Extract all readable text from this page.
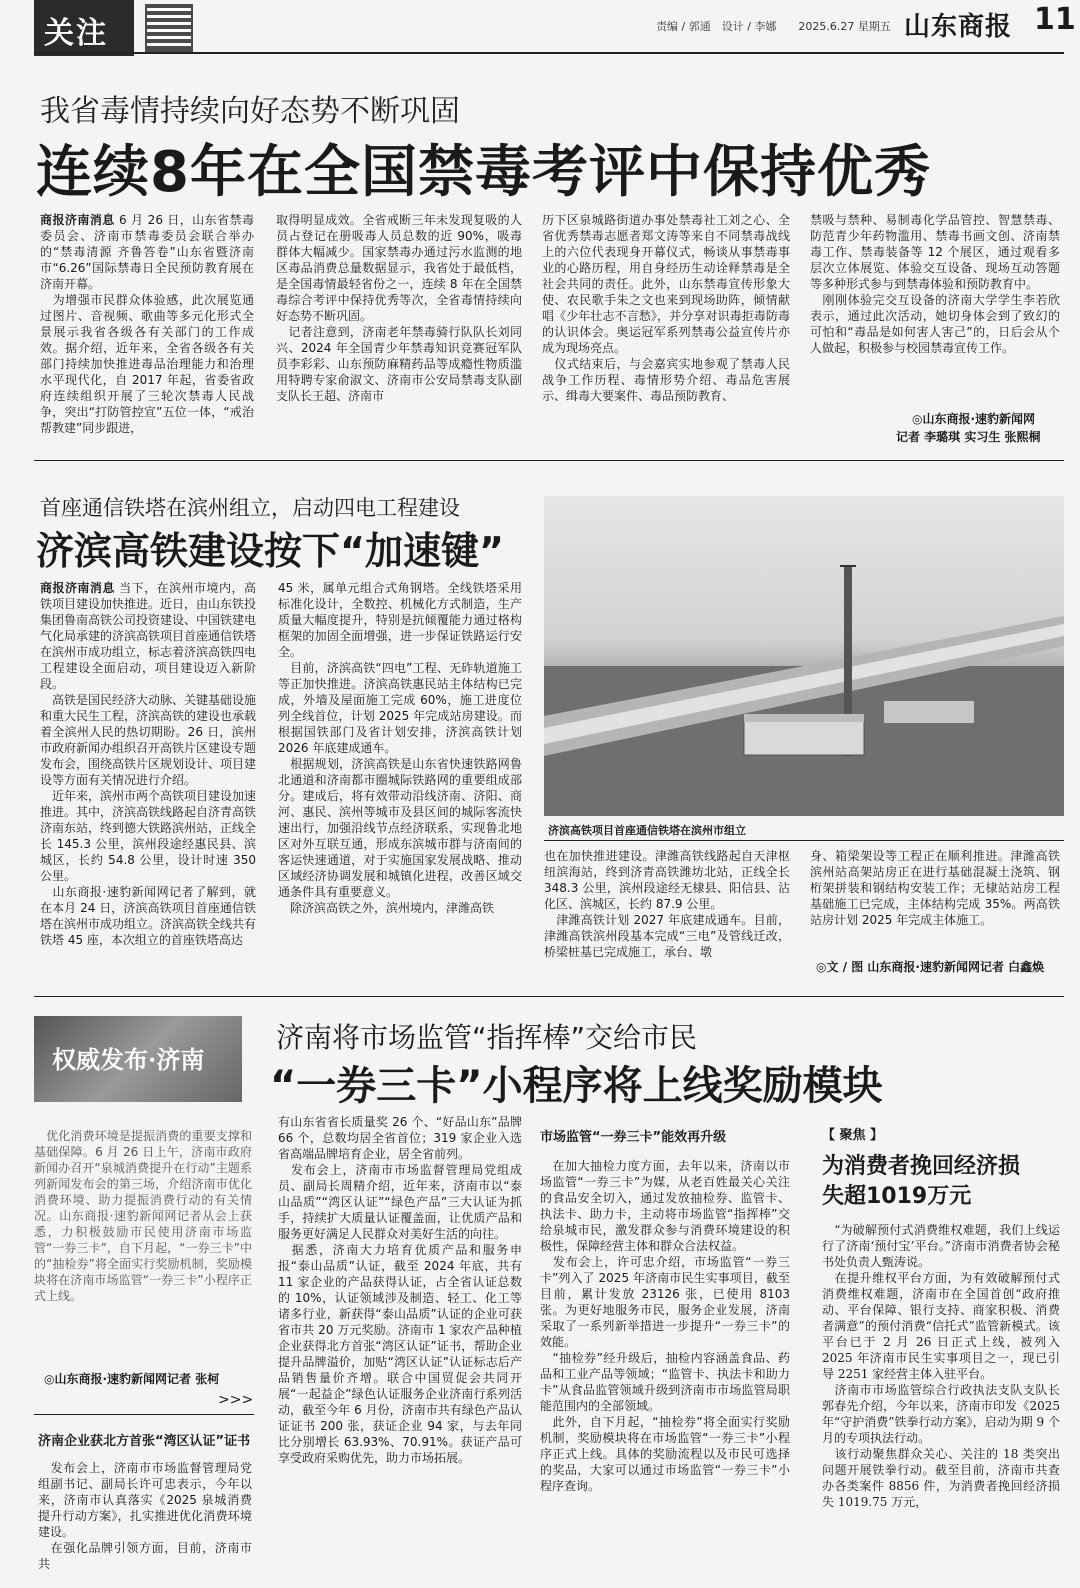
关注	责编 / 郭通　设计 / 李娜　　2025.6.27 星期五 山东商报 11
我省毒情持续向好态势不断巩固
连续8年在全国禁毒考评中保持优秀

商报济南消息 6 月 26 日，山东省禁毒委员会、济南市禁毒委员会联合举办的“禁毒清源 齐鲁答卷”山东省暨济南市“6.26”国际禁毒日全民预防教育展在济南开幕。
　为增强市民群众体验感，此次展览通过图片、音视频、歌曲等多元化形式全景展示我省各级各有关部门的工作成效。据介绍，近年来，全省各级各有关部门持续加快推进毒品治理能力和治理水平现代化，自 2017 年起，省委省政府连续组织开展了三轮次禁毒人民战争，突出“打防管控宣”五位一体，“戒治帮教建”同步跟进，

取得明显成效。全省戒断三年未发现复吸的人员占登记在册吸毒人员总数的近 90%，吸毒群体大幅减少。国家禁毒办通过污水监测的地区毒品消费总量数据显示，我省处于最低档，是全国毒情最轻省份之一，连续 8 年在全国禁毒综合考评中保持优秀等次，全省毒情持续向好态势不断巩固。
　记者注意到，济南老年禁毒骑行队队长刘同兴、2024 年全国青少年禁毒知识竞赛冠军队员李彩彩、山东预防麻精药品等成瘾性物质滥用特聘专家俞淑文、济南市公安局禁毒支队副支队长王超、济南市

历下区泉城路街道办事处禁毒社工刘之心、全省优秀禁毒志愿者郑文涛等来自不同禁毒战线上的六位代表现身开幕仪式，畅谈从事禁毒事业的心路历程，用自身经历生动诠释禁毒是全社会共同的责任。此外，山东禁毒宣传形象大使、农民歌手朱之文也来到现场助阵，倾情献唱《少年壮志不言愁》，并分享对识毒拒毒防毒的认识体会。奥运冠军系列禁毒公益宣传片亦成为现场亮点。
　仪式结束后，与会嘉宾实地参观了禁毒人民战争工作历程、毒情形势介绍、毒品危害展示、缉毒大要案件、毒品预防教育、

禁吸与禁种、易制毒化学品管控、智慧禁毒、防范青少年药物滥用、禁毒书画文创、济南禁毒工作、禁毒装备等 12 个展区，通过观看多层次立体展览、体验交互设备、现场互动答题等多种形式参与到禁毒体验和预防教育中。
　刚刚体验完交互设备的济南大学学生李若欣表示，通过此次活动，她切身体会到了致幻的可怕和“毒品是如何害人害己”的，日后会从个人做起，积极参与校园禁毒宣传工作。

◎山东商报·速豹新闻网
记者 李璐琪 实习生 张熙桐
首座通信铁塔在滨州组立，启动四电工程建设
济滨高铁建设按下“加速键”

商报济南消息 当下，在滨州市境内，高铁项目建设加快推进。近日，由山东铁投集团鲁南高铁公司投资建设、中国铁建电气化局承建的济滨高铁项目首座通信铁塔在滨州市成功组立，标志着济滨高铁四电工程建设全面启动，项目建设迈入新阶段。
　高铁是国民经济大动脉、关键基础设施和重大民生工程，济滨高铁的建设也承载着全滨州人民的热切期盼。26 日，滨州市政府新闻办组织召开高铁片区建设专题发布会，围绕高铁片区规划设计、项目建设等方面有关情况进行介绍。
　近年来，滨州市两个高铁项目建设加速推进。其中，济滨高铁线路起自济青高铁济南东站，终到德大铁路滨州站，正线全长 145.3 公里，滨州段途经惠民县、滨城区，长约 54.8 公里，设计时速 350 公里。
　山东商报·速豹新闻网记者了解到，就在本月 24 日，济滨高铁项目首座通信铁塔在滨州市成功组立。济滨高铁全线共有铁塔 45 座，本次组立的首座铁塔高达

45 米，属单元组合式角钢塔。全线铁塔采用标准化设计，全数控、机械化方式制造，生产质量大幅度提升，特别是抗倾覆能力通过格构框架的加固全面增强，进一步保证铁路运行安全。
　目前，济滨高铁“四电”工程、无砟轨道施工等正加快推进。济滨高铁惠民站主体结构已完成，外墙及屋面施工完成 60%，施工进度位列全线首位，计划 2025 年完成站房建设。而根据国铁部门及省计划安排，济滨高铁计划 2026 年底建成通车。
　根据规划，济滨高铁是山东省快速铁路网鲁北通道和济南都市圈城际铁路网的重要组成部分。建成后，将有效带动沿线济南、济阳、商河、惠民、滨州等城市及县区间的城际客流快速出行，加强沿线节点经济联系，实现鲁北地区对外互联互通，形成东滨城市群与济南间的客运快速通道，对于实施国家发展战略、推动区域经济协调发展和城镇化进程，改善区域交通条件具有重要意义。
　除济滨高铁之外，滨州境内，津潍高铁

济滨高铁项目首座通信铁塔在滨州市组立

也在加快推进建设。津潍高铁线路起自天津枢纽滨海站，终到济青高铁潍坊北站，正线全长 348.3 公里，滨州段途经无棣县、阳信县、沾化区、滨城区，长约 87.9 公里。
　津潍高铁计划 2027 年底建成通车。目前，津潍高铁滨州段基本完成“三电”及管线迁改，桥梁桩基已完成施工，承台、墩

身、箱梁架设等工程正在顺利推进。津潍高铁滨州站高架站房正在进行基础混凝土浇筑、钢桁架拼装和钢结构安装工作；无棣站站房工程基础施工已完成，主体结构完成 35%。两高铁站房计划 2025 年完成主体施工。

◎文 / 图 山东商报·速豹新闻网记者 白鑫焕
权威发布·济南
济南将市场监管“指挥棒”交给市民
“一券三卡”小程序将上线奖励模块

　优化消费环境是提振消费的重要支撑和基础保障。6 月 26 日上午，济南市政府新闻办召开“泉城消费提升在行动”主题系列新闻发布会的第三场，介绍济南市优化消费环境、助力提振消费行动的有关情况。山东商报·速豹新闻网记者从会上获悉，力积极鼓励市民使用济南市场监管“一券三卡”，自下月起，“一券三卡”中的“抽检券”将全面实行奖励机制，奖励模块将在济南市场监管“一券三卡”小程序正式上线。

◎山东商报·速豹新闻网记者 张柯
>>>
济南企业获北方首张“湾区认证”证书

　发布会上，济南市市场监督管理局党组副书记、副局长许可忠表示，今年以来，济南市认真落实《2025 泉城消费提升行动方案》，扎实推进优化消费环境建设。
　在强化品牌引领方面，目前，济南市共

有山东省省长质量奖 26 个、“好品山东”品牌 66 个，总数均居全省首位；319 家企业入选省高端品牌培育企业，居全省前列。
　发布会上，济南市市场监督管理局党组成员、副局长周精介绍，近年来，济南市以“泰山品质”“湾区认证”“绿色产品”三大认证为抓手，持续扩大质量认证覆盖面，让优质产品和服务更好满足人民群众对美好生活的向往。
　据悉，济南大力培育优质产品和服务申报“泰山品质”认证，截至 2024 年底，共有 11 家企业的产品获得认证，占全省认证总数的 10%，认证领域涉及制造、轻工、化工等诸多行业，新获得“泰山品质”认证的企业可获省市共 20 万元奖励。济南市 1 家农产品种植企业获得北方首张“湾区认证”证书，帮助企业提升品牌溢价，加贴“湾区认证”认证标志后产品销售量价齐增。联合中国贸促会共同开展“一起益企”绿色认证服务企业济南行系列活动，截至今年 6 月份，济南市共有绿色产品认证证书 200 张，获证企业 94 家，与去年同比分别增长 63.93%、70.91%。获证产品可享受政府采购优先，助力市场拓展。

市场监管“一券三卡”能效再升级

　在加大抽检力度方面，去年以来，济南以市场监管“一券三卡”为媒，从老百姓最关心关注的食品安全切入，通过发放抽检券、监管卡、执法卡、助力卡，主动将市场监管“指挥棒”交给泉城市民，激发群众参与消费环境建设的积极性，保障经营主体和群众合法权益。
　发布会上，许可忠介绍，市场监管“一券三卡”列入了 2025 年济南市民生实事项目，截至目前，累计发放 23126 张，已使用 8103 张。为更好地服务市民，服务企业发展，济南采取了一系列新举措进一步提升“一券三卡”的效能。
　“抽检券”经升级后，抽检内容涵盖食品、药品和工业产品等领域；“监管卡、执法卡和助力卡”从食品监管领域升级到济南市市场监管局职能范围内的全部领域。
　此外，自下月起，“抽检券”将全面实行奖励机制，奖励模块将在市场监管“一券三卡”小程序正式上线。具体的奖励流程以及市民可选择的奖品，大家可以通过市场监管“一券三卡”小程序查询。

【 聚焦 】
为消费者挽回经济损失超1019万元

　“为破解预付式消费维权难题，我们上线运行了济南‘预付宝’平台。”济南市消费者协会秘书处负责人甄涛说。
　在提升维权平台方面，为有效破解预付式消费维权难题，济南市在全国首创“政府推动、平台保障、银行支持、商家积极、消费者满意”的预付消费“信托式”监管新模式。该平台已于 2 月 26 日正式上线，被列入 2025 年济南市民生实事项目之一，现已引导 2251 家经营主体入驻平台。
　济南市市场监管综合行政执法支队支队长郭春先介绍，今年以来，济南市印发《2025 年“守护消费”铁拳行动方案》，启动为期 9 个月的专项执法行动。
　该行动聚焦群众关心、关注的 18 类突出问题开展铁拳行动。截至目前，济南市共查办各类案件 8856 件，为消费者挽回经济损失 1019.75 万元，
